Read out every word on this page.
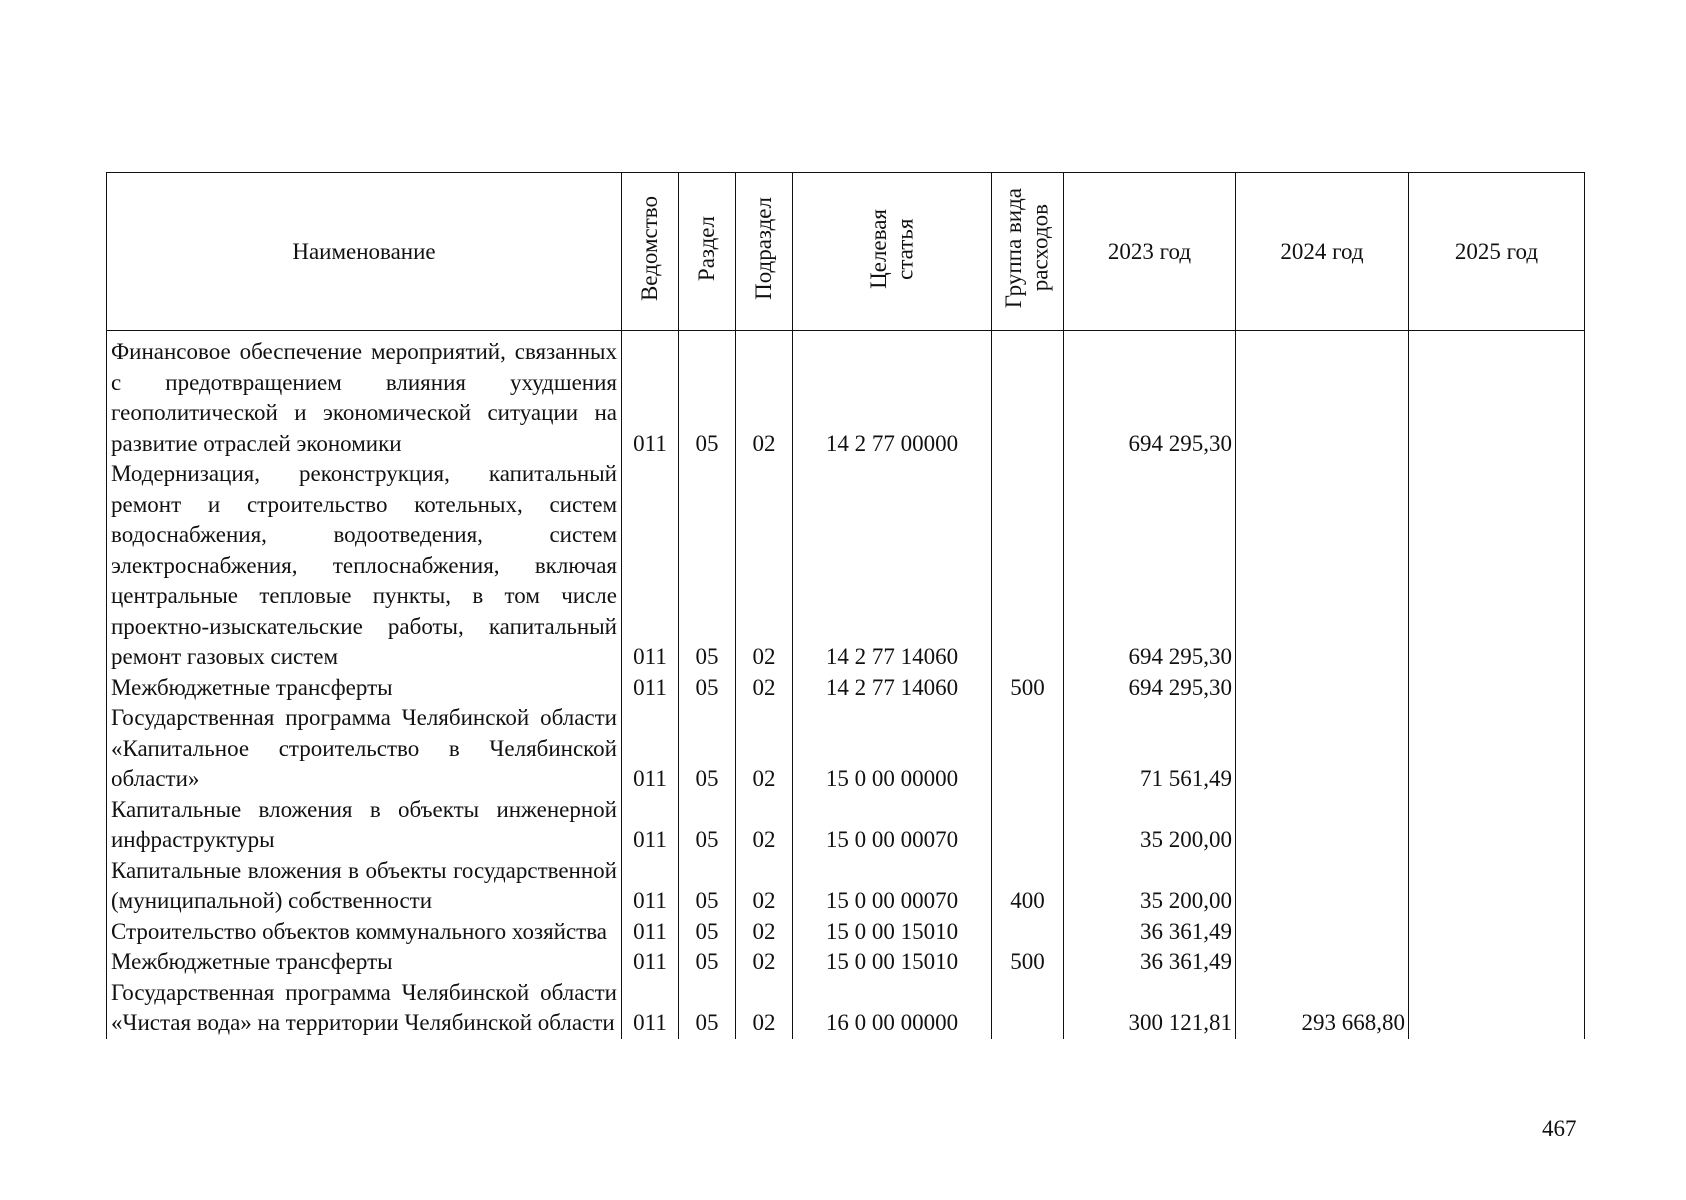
Наименование	Ведомство	Раздел	Подраздел	Целевая
статья	Группа вида
расходов	2023 год	2024 год	2025 год
Финансовое обеспечение мероприятий, связанных с предотвращением влияния ухудшения геополитической и экономической ситуации на развитие отраслей экономики	011	05	02	14 2 77 00000		694 295,30		
Модернизация, реконструкция, капитальный ремонт и строительство котельных, систем водоснабжения, водоотведения, систем электроснабжения, теплоснабжения, включая центральные тепловые пункты, в том числе проектно-изыскательские работы, капитальный ремонт газовых систем	011	05	02	14 2 77 14060		694 295,30		
Межбюджетные трансферты	011	05	02	14 2 77 14060	500	694 295,30		
Государственная программа Челябинской области «Капитальное строительство в Челябинской области»	011	05	02	15 0 00 00000		71 561,49		
Капитальные вложения в объекты инженерной инфраструктуры	011	05	02	15 0 00 00070		35 200,00		
Капитальные вложения в объекты государственной (муниципальной) собственности	011	05	02	15 0 00 00070	400	35 200,00		
Строительство объектов коммунального хозяйства	011	05	02	15 0 00 15010		36 361,49		
Межбюджетные трансферты	011	05	02	15 0 00 15010	500	36 361,49		
Государственная программа Челябинской области «Чистая вода» на территории Челябинской области	011	05	02	16 0 00 00000		300 121,81	293 668,80	
467
